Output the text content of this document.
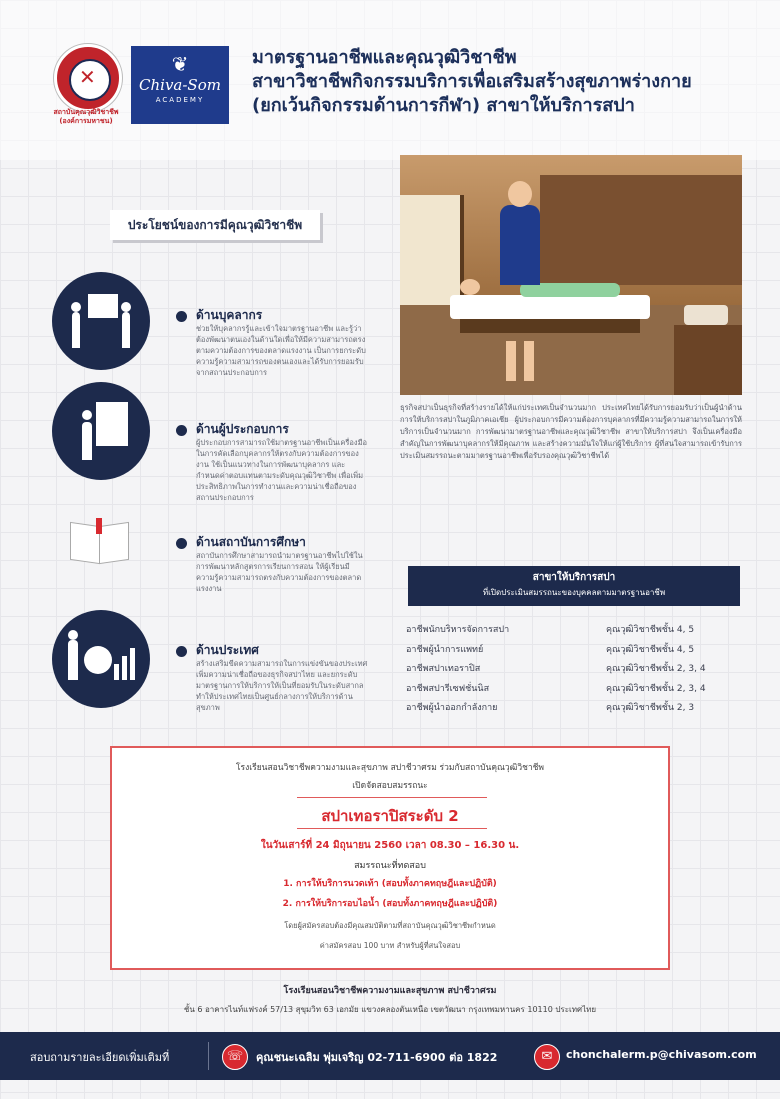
✕
สถาบันคุณวุฒิวิชาชีพ (องค์การมหาชน)
❦
Chiva-Som
ACADEMY
มาตรฐานอาชีพและคุณวุฒิวิชาชีพ
สาขาวิชาชีพกิจกรรมบริการเพื่อเสริมสร้างสุขภาพร่างกาย
(ยกเว้นกิจกรรมด้านการกีฬา) สาขาให้บริการสปา
ประโยชน์ของการมีคุณวุฒิวิชาชีพ
ด้านบุคลากร
ช่วยให้บุคลากรรู้และเข้าใจมาตรฐานอาชีพ และรู้ว่าต้องพัฒนาตนเองในด้านใดเพื่อให้มีความสามารถตรงตามความต้องการของตลาดแรงงาน เป็นการยกระดับความรู้ความสามารถของตนเองและได้รับการยอมรับจากสถานประกอบการ
ด้านผู้ประกอบการ
ผู้ประกอบการสามารถใช้มาตรฐานอาชีพเป็นเครื่องมือในการคัดเลือกบุคลากรให้ตรงกับความต้องการของงาน ใช้เป็นแนวทางในการพัฒนาบุคลากร และกำหนดค่าตอบแทนตามระดับคุณวุฒิวิชาชีพ เพื่อเพิ่มประสิทธิภาพในการทำงานและความน่าเชื่อถือของสถานประกอบการ
ด้านสถาบันการศึกษา
สถาบันการศึกษาสามารถนำมาตรฐานอาชีพไปใช้ในการพัฒนาหลักสูตรการเรียนการสอน ให้ผู้เรียนมีความรู้ความสามารถตรงกับความต้องการของตลาดแรงงาน
ด้านประเทศ
สร้างเสริมขีดความสามารถในการแข่งขันของประเทศ เพิ่มความน่าเชื่อถือของธุรกิจสปาไทย และยกระดับมาตรฐานการให้บริการให้เป็นที่ยอมรับในระดับสากล ทำให้ประเทศไทยเป็นศูนย์กลางการให้บริการด้านสุขภาพ
ธุรกิจสปาเป็นธุรกิจที่สร้างรายได้ให้แก่ประเทศเป็นจำนวนมาก ประเทศไทยได้รับการยอมรับว่าเป็นผู้นำด้านการให้บริการสปาในภูมิภาคเอเชีย ผู้ประกอบการมีความต้องการบุคลากรที่มีความรู้ความสามารถในการให้บริการเป็นจำนวนมาก การพัฒนามาตรฐานอาชีพและคุณวุฒิวิชาชีพ สาขาให้บริการสปา จึงเป็นเครื่องมือสำคัญในการพัฒนาบุคลากรให้มีคุณภาพ และสร้างความมั่นใจให้แก่ผู้ใช้บริการ ผู้ที่สนใจสามารถเข้ารับการประเมินสมรรถนะตามมาตรฐานอาชีพเพื่อรับรองคุณวุฒิวิชาชีพได้
สาขาให้บริการสปา
ที่เปิดประเมินสมรรถนะของบุคคลตามมาตรฐานอาชีพ
อาชีพนักบริหารจัดการสปา	คุณวุฒิวิชาชีพชั้น 4, 5
อาชีพผู้นำการแพทย์	คุณวุฒิวิชาชีพชั้น 4, 5
อาชีพสปาเทอราปิส	คุณวุฒิวิชาชีพชั้น 2, 3, 4
อาชีพสปารีเซฟชั่นนิส	คุณวุฒิวิชาชีพชั้น 2, 3, 4
อาชีพผู้นำออกกำลังกาย	คุณวุฒิวิชาชีพชั้น 2, 3
โรงเรียนสอนวิชาชีพความงามและสุขภาพ สปาชีวาศรม ร่วมกับสถาบันคุณวุฒิวิชาชีพ
เปิดจัดสอบสมรรถนะ
สปาเทอราปิสระดับ 2
ในวันเสาร์ที่ 24 มิถุนายน 2560 เวลา 08.30 – 16.30 น.
สมรรถนะที่ทดสอบ
1. การให้บริการนวดเท้า (สอบทั้งภาคทฤษฎีและปฏิบัติ)
2. การให้บริการอบไอน้ำ (สอบทั้งภาคทฤษฎีและปฏิบัติ)
โดยผู้สมัครสอบต้องมีคุณสมบัติตามที่สถาบันคุณวุฒิวิชาชีพกำหนด
ค่าสมัครสอบ 100 บาท สำหรับผู้ที่สนใจสอบ
โรงเรียนสอนวิชาชีพความงามและสุขภาพ สปาชีวาศรม
ชั้น 6 อาคารไนท์แฟรงค์ 57/13 สุขุมวิท 63 เอกมัย แขวงคลองตันเหนือ เขตวัฒนา กรุงเทพมหานคร 10110 ประเทศไทย
สอบถามรายละเอียดเพิ่มเติมที่	☏	คุณชนะเฉลิม พุ่มเจริญ 02-711-6900 ต่อ 1822	✉	chonchalerm.p@chivasom.com
